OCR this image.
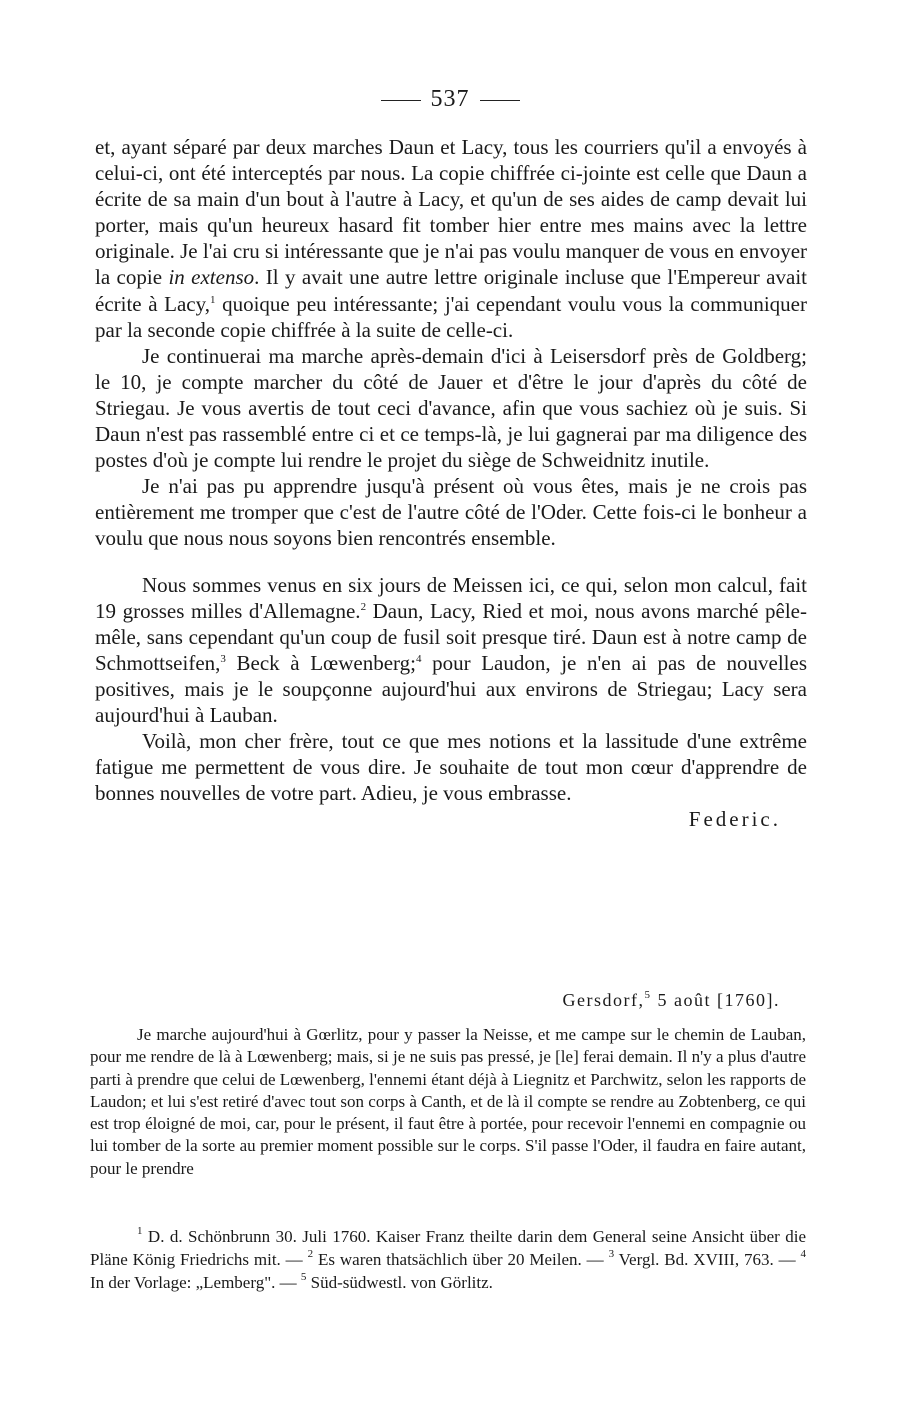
537

et, ayant séparé par deux marches Daun et Lacy, tous les courriers qu'il a envoyés à celui-ci, ont été interceptés par nous. La copie chiffrée ci-jointe est celle que Daun a écrite de sa main d'un bout à l'autre à Lacy, et qu'un de ses aides de camp devait lui porter, mais qu'un heureux hasard fit tomber hier entre mes mains avec la lettre originale. Je l'ai cru si intéressante que je n'ai pas voulu manquer de vous en envoyer la copie in extenso. Il y avait une autre lettre originale incluse que l'Empereur avait écrite à Lacy,$^1$ quoique peu intéressante; j'ai cependant voulu vous la communiquer par la seconde copie chiffrée à la suite de celle-ci.

Je continuerai ma marche après-demain d'ici à Leisersdorf près de Goldberg; le 10, je compte marcher du côté de Jauer et d'être le jour d'après du côté de Striegau. Je vous avertis de tout ceci d'avance, afin que vous sachiez où je suis. Si Daun n'est pas rassemblé entre ci et ce temps-là, je lui gagnerai par ma diligence des postes d'où je compte lui rendre le projet du siège de Schweidnitz inutile.

Je n'ai pas pu apprendre jusqu'à présent où vous êtes, mais je ne crois pas entièrement me tromper que c'est de l'autre côté de l'Oder. Cette fois-ci le bonheur a voulu que nous nous soyons bien rencontrés ensemble.

Nous sommes venus en six jours de Meissen ici, ce qui, selon mon calcul, fait 19 grosses milles d'Allemagne.$^2$ Daun, Lacy, Ried et moi, nous avons marché pêle-mêle, sans cependant qu'un coup de fusil soit presque tiré. Daun est à notre camp de Schmottseifen,$^3$ Beck à Lœwenberg;$^4$ pour Laudon, je n'en ai pas de nouvelles positives, mais je le soupçonne aujourd'hui aux environs de Striegau; Lacy sera aujourd'hui à Lauban.

Voilà, mon cher frère, tout ce que mes notions et la lassitude d'une extrême fatigue me permettent de vous dire. Je souhaite de tout mon cœur d'apprendre de bonnes nouvelles de votre part. Adieu, je vous embrasse.

Federic.
Gersdorf,$^5$ 5 août [1760].

Je marche aujourd'hui à Gœrlitz, pour y passer la Neisse, et me campe sur le chemin de Lauban, pour me rendre de là à Lœwenberg; mais, si je ne suis pas pressé, je [le] ferai demain. Il n'y a plus d'autre parti à prendre que celui de Lœwenberg, l'ennemi étant déjà à Liegnitz et Parchwitz, selon les rapports de Laudon; et lui s'est retiré d'avec tout son corps à Canth, et de là il compte se rendre au Zobtenberg, ce qui est trop éloigné de moi, car, pour le présent, il faut être à portée, pour recevoir l'ennemi en compagnie ou lui tomber de la sorte au premier moment possible sur le corps. S'il passe l'Oder, il faudra en faire autant, pour le prendre

$^1$ D. d. Schönbrunn 30. Juli 1760. Kaiser Franz theilte darin dem General seine Ansicht über die Pläne König Friedrichs mit. — $^2$ Es waren thatsächlich über 20 Meilen. — $^3$ Vergl. Bd. XVIII, 763. — $^4$ In der Vorlage: „Lemberg". — $^5$ Süd-südwestl. von Görlitz.
